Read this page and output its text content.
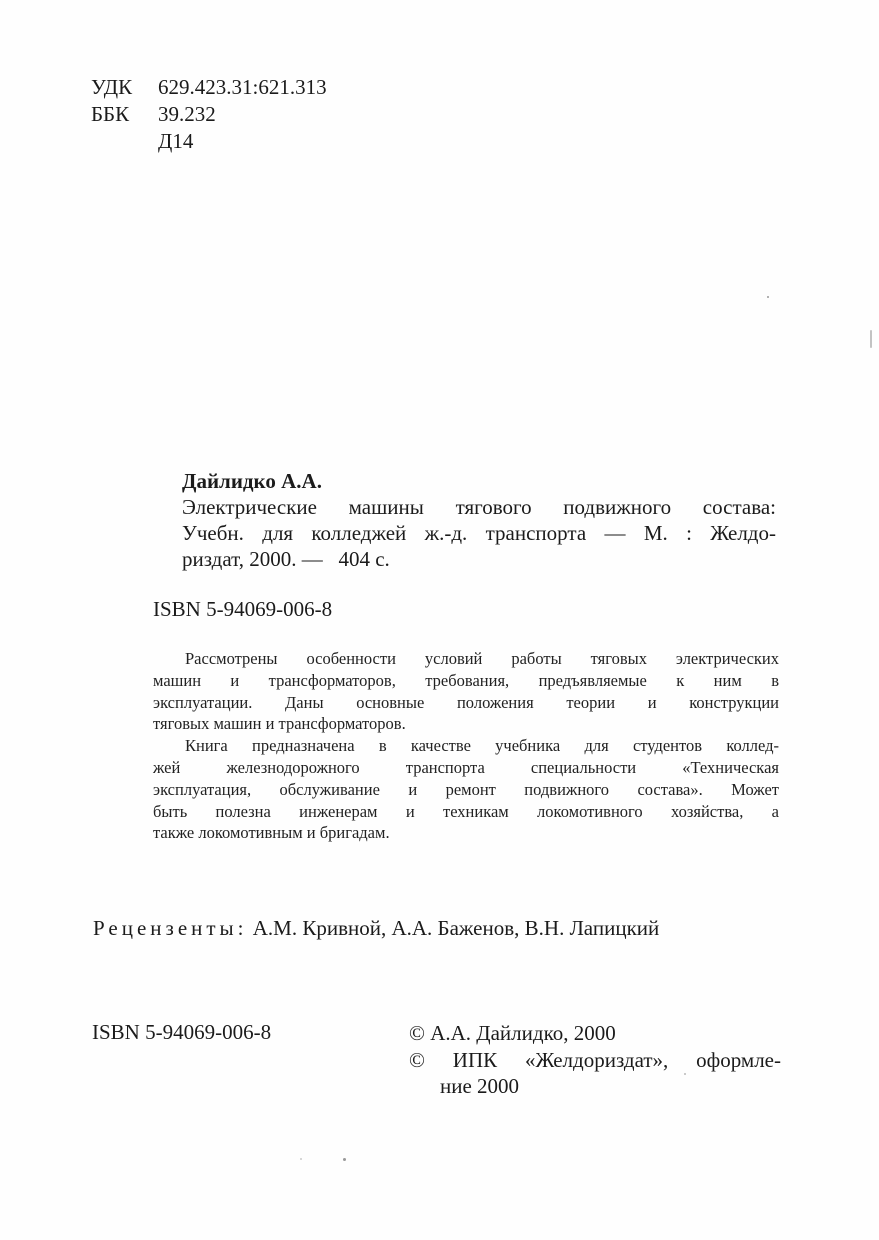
УДК	629.423.31:621.313
ББК	39.232
Д14
Дайлидко А.А.
Электрические машины тягового подвижного состава:
Учебн. для колледжей ж.-д. транспорта — М. : Желдо-
риздат, 2000. —   404 с.
ISBN 5-94069-006-8
Рассмотрены особенности условий работы тяговых электрических
машин и трансформаторов, требования, предъявляемые к ним в
эксплуатации. Даны основные положения теории и конструкции
тяговых машин и трансформаторов.
Книга предназначена в качестве учебника для студентов коллед-
жей железнодорожного транспорта специальности «Техническая
эксплуатация, обслуживание и ремонт подвижного состава». Может
быть полезна инженерам и техникам локомотивного хозяйства, а
также локомотивным и бригадам.
Рецензенты: А.М. Кривной, А.А. Баженов, В.Н. Лапицкий
ISBN 5-94069-006-8	© А.А. Дайлидко, 2000
© ИПК «Желдориздат», оформле-
ние 2000
